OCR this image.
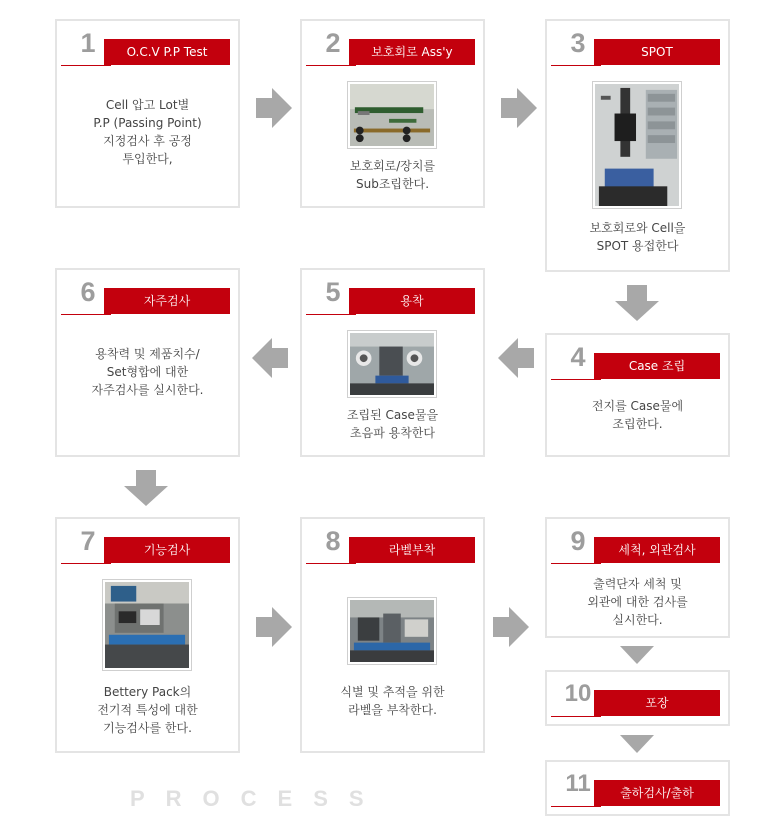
1	O.C.V P.P Test
Cell 압고 Lot별
P.P (Passing Point)
지정검사 후 공정
투입한다,
2	보호회로 Ass'y
보호회로/장치를
Sub조립한다.
3	SPOT
보호회로와 Cell을
SPOT 용접한다
4	Case 조립
전지를 Case물에
조립한다.
5	용착
조립된 Case물을
초음파 용착한다
6	자주검사
용착력 및 제품치수/
Set형합에 대한
자주검사를 실시한다.
7	기능검사
Bettery Pack의
전기적 특성에 대한
기능검사를 한다.
8	라벨부착
식별 및 추적을 위한
라벨을 부착한다.
9	세척, 외관검사
출력단자 세척 및
외관에 대한 검사를
실시한다.
10	포장
11	출하검사/출하
PROCESS
